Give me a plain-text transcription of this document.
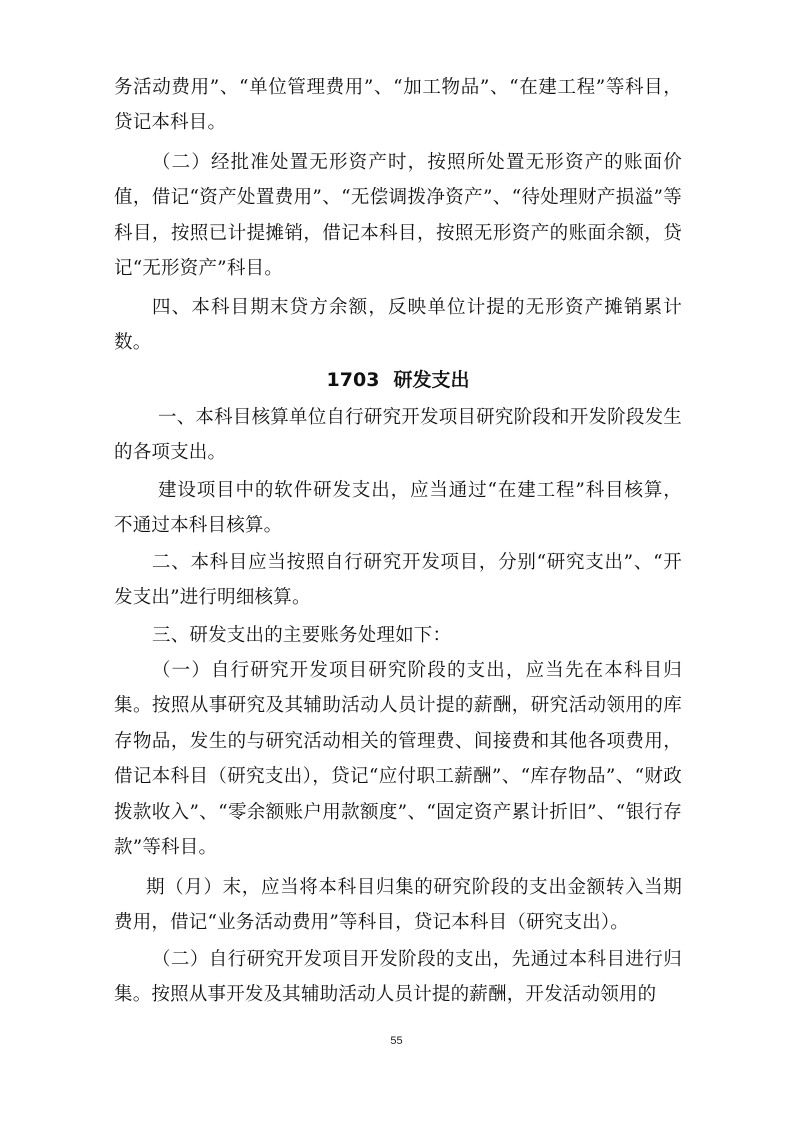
务活动费用”、“单位管理费用”、“加工物品”、“在建工程”等科目，贷记本科目。

（二）经批准处置无形资产时，按照所处置无形资产的账面价值，借记“资产处置费用”、“无偿调拨净资产”、“待处理财产损溢”等科目，按照已计提摊销，借记本科目，按照无形资产的账面余额，贷记“无形资产”科目。

四、本科目期末贷方余额，反映单位计提的无形资产摊销累计数。

1703 研发支出

一、本科目核算单位自行研究开发项目研究阶段和开发阶段发生的各项支出。

建设项目中的软件研发支出，应当通过“在建工程”科目核算，不通过本科目核算。

二、本科目应当按照自行研究开发项目，分别“研究支出”、“开发支出”进行明细核算。

三、研发支出的主要账务处理如下：

（一）自行研究开发项目研究阶段的支出，应当先在本科目归集。按照从事研究及其辅助活动人员计提的薪酬，研究活动领用的库存物品，发生的与研究活动相关的管理费、间接费和其他各项费用，借记本科目（研究支出），贷记“应付职工薪酬”、“库存物品”、“财政拨款收入”、“零余额账户用款额度”、“固定资产累计折旧”、“银行存款”等科目。

期（月）末，应当将本科目归集的研究阶段的支出金额转入当期费用，借记“业务活动费用”等科目，贷记本科目（研究支出）。

（二）自行研究开发项目开发阶段的支出，先通过本科目进行归集。按照从事开发及其辅助活动人员计提的薪酬，开发活动领用的

55
